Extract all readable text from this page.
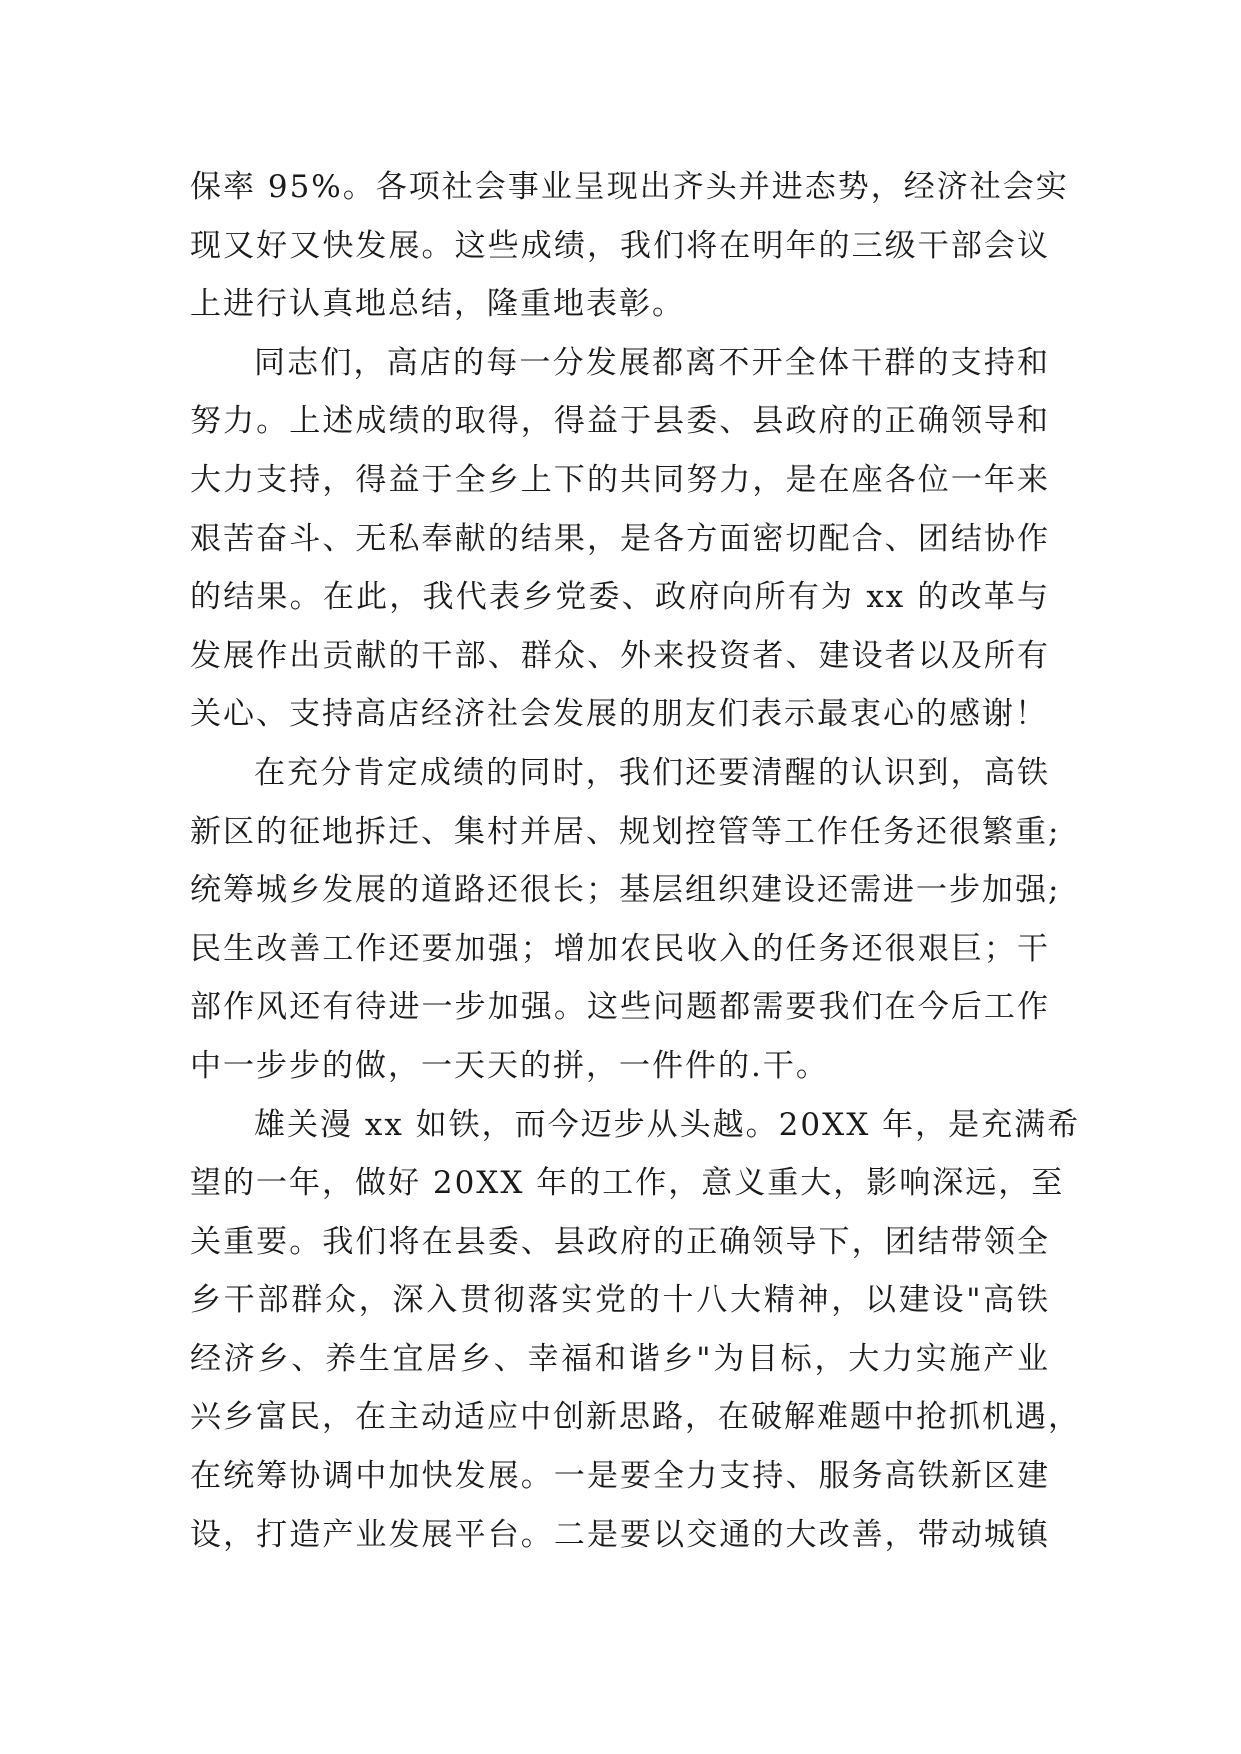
保率 95%。各项社会事业呈现出齐头并进态势，经济社会实
现又好又快发展。这些成绩，我们将在明年的三级干部会议
上进行认真地总结，隆重地表彰。
同志们，高店的每一分发展都离不开全体干群的支持和
努力。上述成绩的取得，得益于县委、县政府的正确领导和
大力支持，得益于全乡上下的共同努力，是在座各位一年来
艰苦奋斗、无私奉献的结果，是各方面密切配合、团结协作
的结果。在此，我代表乡党委、政府向所有为 xx 的改革与
发展作出贡献的干部、群众、外来投资者、建设者以及所有
关心、支持高店经济社会发展的朋友们表示最衷心的感谢！
在充分肯定成绩的同时，我们还要清醒的认识到，高铁
新区的征地拆迁、集村并居、规划控管等工作任务还很繁重;
统筹城乡发展的道路还很长；基层组织建设还需进一步加强;
民生改善工作还要加强；增加农民收入的任务还很艰巨；干
部作风还有待进一步加强。这些问题都需要我们在今后工作
中一步步的做，一天天的拼，一件件的.干。
雄关漫 xx 如铁，而今迈步从头越。20XX 年，是充满希
望的一年，做好 20XX 年的工作，意义重大，影响深远，至
关重要。我们将在县委、县政府的正确领导下，团结带领全
乡干部群众，深入贯彻落实党的十八大精神，以建设"高铁
经济乡、养生宜居乡、幸福和谐乡"为目标，大力实施产业
兴乡富民，在主动适应中创新思路，在破解难题中抢抓机遇，
在统筹协调中加快发展。一是要全力支持、服务高铁新区建
设，打造产业发展平台。二是要以交通的大改善，带动城镇
